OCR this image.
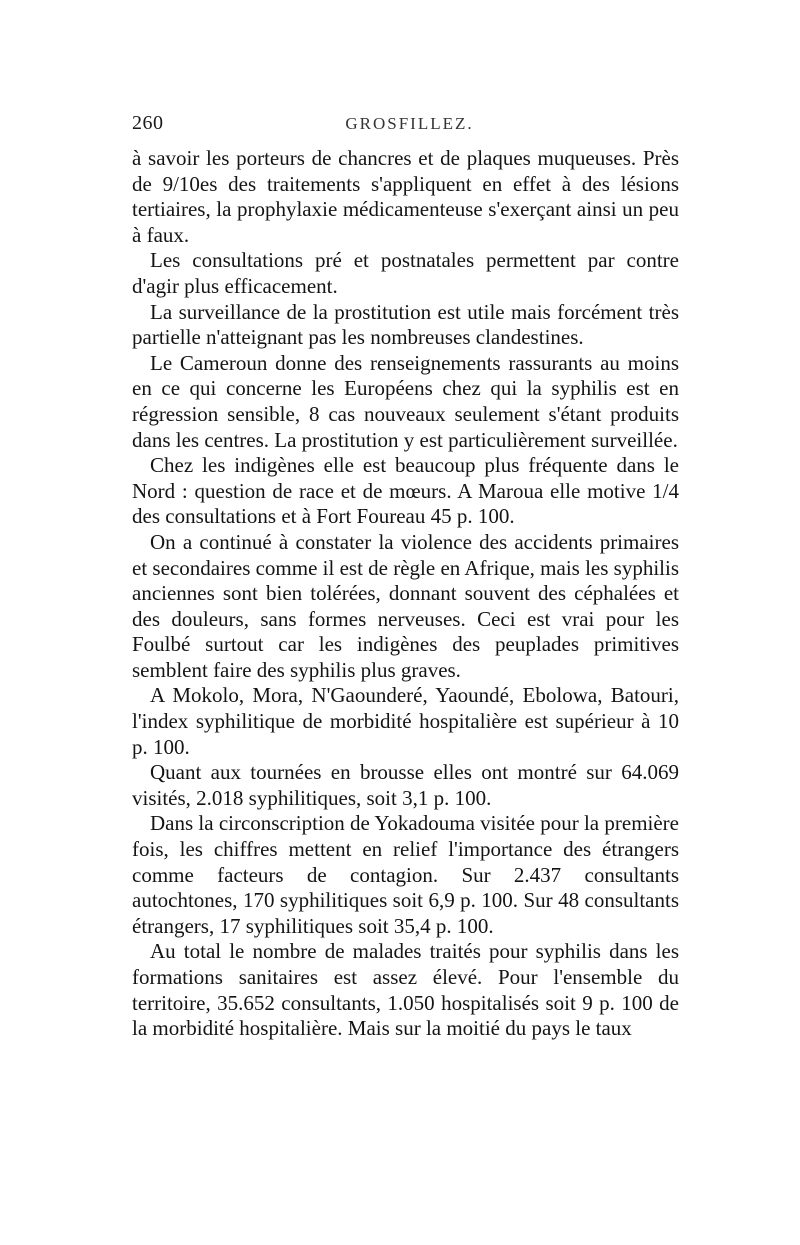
260	GROSFILLEZ.

à savoir les porteurs de chancres et de plaques muqueuses. Près de 9/10es des traitements s'appliquent en effet à des lésions tertiaires, la prophylaxie médicamenteuse s'exerçant ainsi un peu à faux.

Les consultations pré et postnatales permettent par contre d'agir plus efficacement.

La surveillance de la prostitution est utile mais forcément très partielle n'atteignant pas les nombreuses clandestines.

Le Cameroun donne des renseignements rassurants au moins en ce qui concerne les Européens chez qui la syphilis est en régression sensible, 8 cas nouveaux seulement s'étant produits dans les centres. La prostitution y est particulièrement surveillée.

Chez les indigènes elle est beaucoup plus fréquente dans le Nord : question de race et de mœurs. A Maroua elle motive 1/4 des consultations et à Fort Foureau 45 p. 100.

On a continué à constater la violence des accidents primaires et secondaires comme il est de règle en Afrique, mais les syphilis anciennes sont bien tolérées, donnant souvent des céphalées et des douleurs, sans formes nerveuses. Ceci est vrai pour les Foulbé surtout car les indigènes des peuplades primitives semblent faire des syphilis plus graves.

A Mokolo, Mora, N'Gaounderé, Yaoundé, Ebolowa, Batouri, l'index syphilitique de morbidité hospitalière est supérieur à 10 p. 100.

Quant aux tournées en brousse elles ont montré sur 64.069 visités, 2.018 syphilitiques, soit 3,1 p. 100.

Dans la circonscription de Yokadouma visitée pour la première fois, les chiffres mettent en relief l'importance des étrangers comme facteurs de contagion. Sur 2.437 consultants autochtones, 170 syphilitiques soit 6,9 p. 100. Sur 48 consultants étrangers, 17 syphilitiques soit 35,4 p. 100.

Au total le nombre de malades traités pour syphilis dans les formations sanitaires est assez élevé. Pour l'ensemble du territoire, 35.652 consultants, 1.050 hospitalisés soit 9 p. 100 de la morbidité hospitalière. Mais sur la moitié du pays le taux
